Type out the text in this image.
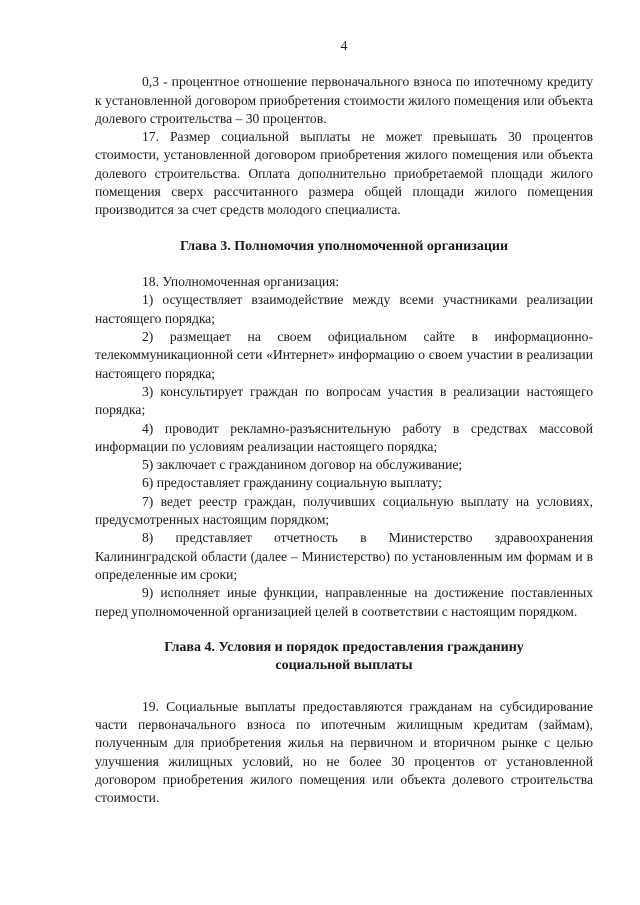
4

0,3 - процентное отношение первоначального взноса по ипотечному кредиту к установленной договором приобретения стоимости жилого помещения или объекта долевого строительства – 30 процентов.

17. Размер социальной выплаты не может превышать 30 процентов стоимости, установленной договором приобретения жилого помещения или объекта долевого строительства. Оплата дополнительно приобретаемой площади жилого помещения сверх рассчитанного размера общей площади жилого помещения производится за счет средств молодого специалиста.

Глава 3. Полномочия уполномоченной организации

18. Уполномоченная организация:

1) осуществляет взаимодействие между всеми участниками реализации настоящего порядка;

2) размещает на своем официальном сайте в информационно-телекоммуникационной сети «Интернет» информацию о своем участии в реализации настоящего порядка;

3) консультирует граждан по вопросам участия в реализации настоящего порядка;

4) проводит рекламно-разъяснительную работу в средствах массовой информации по условиям реализации настоящего порядка;

5) заключает с гражданином договор на обслуживание;

6) предоставляет гражданину социальную выплату;

7) ведет реестр граждан, получивших социальную выплату на условиях, предусмотренных настоящим порядком;

8) представляет отчетность в Министерство здравоохранения Калининградской области (далее – Министерство) по установленным им формам и в определенные им сроки;

9) исполняет иные функции, направленные на достижение поставленных перед уполномоченной организацией целей в соответствии с настоящим порядком.

Глава 4. Условия и порядок предоставления гражданину
социальной выплаты

19. Социальные выплаты предоставляются гражданам на субсидирование части первоначального взноса по ипотечным жилищным кредитам (займам), полученным для приобретения жилья на первичном и вторичном рынке с целью улучшения жилищных условий, но не более 30 процентов от установленной договором приобретения жилого помещения или объекта долевого строительства стоимости.
